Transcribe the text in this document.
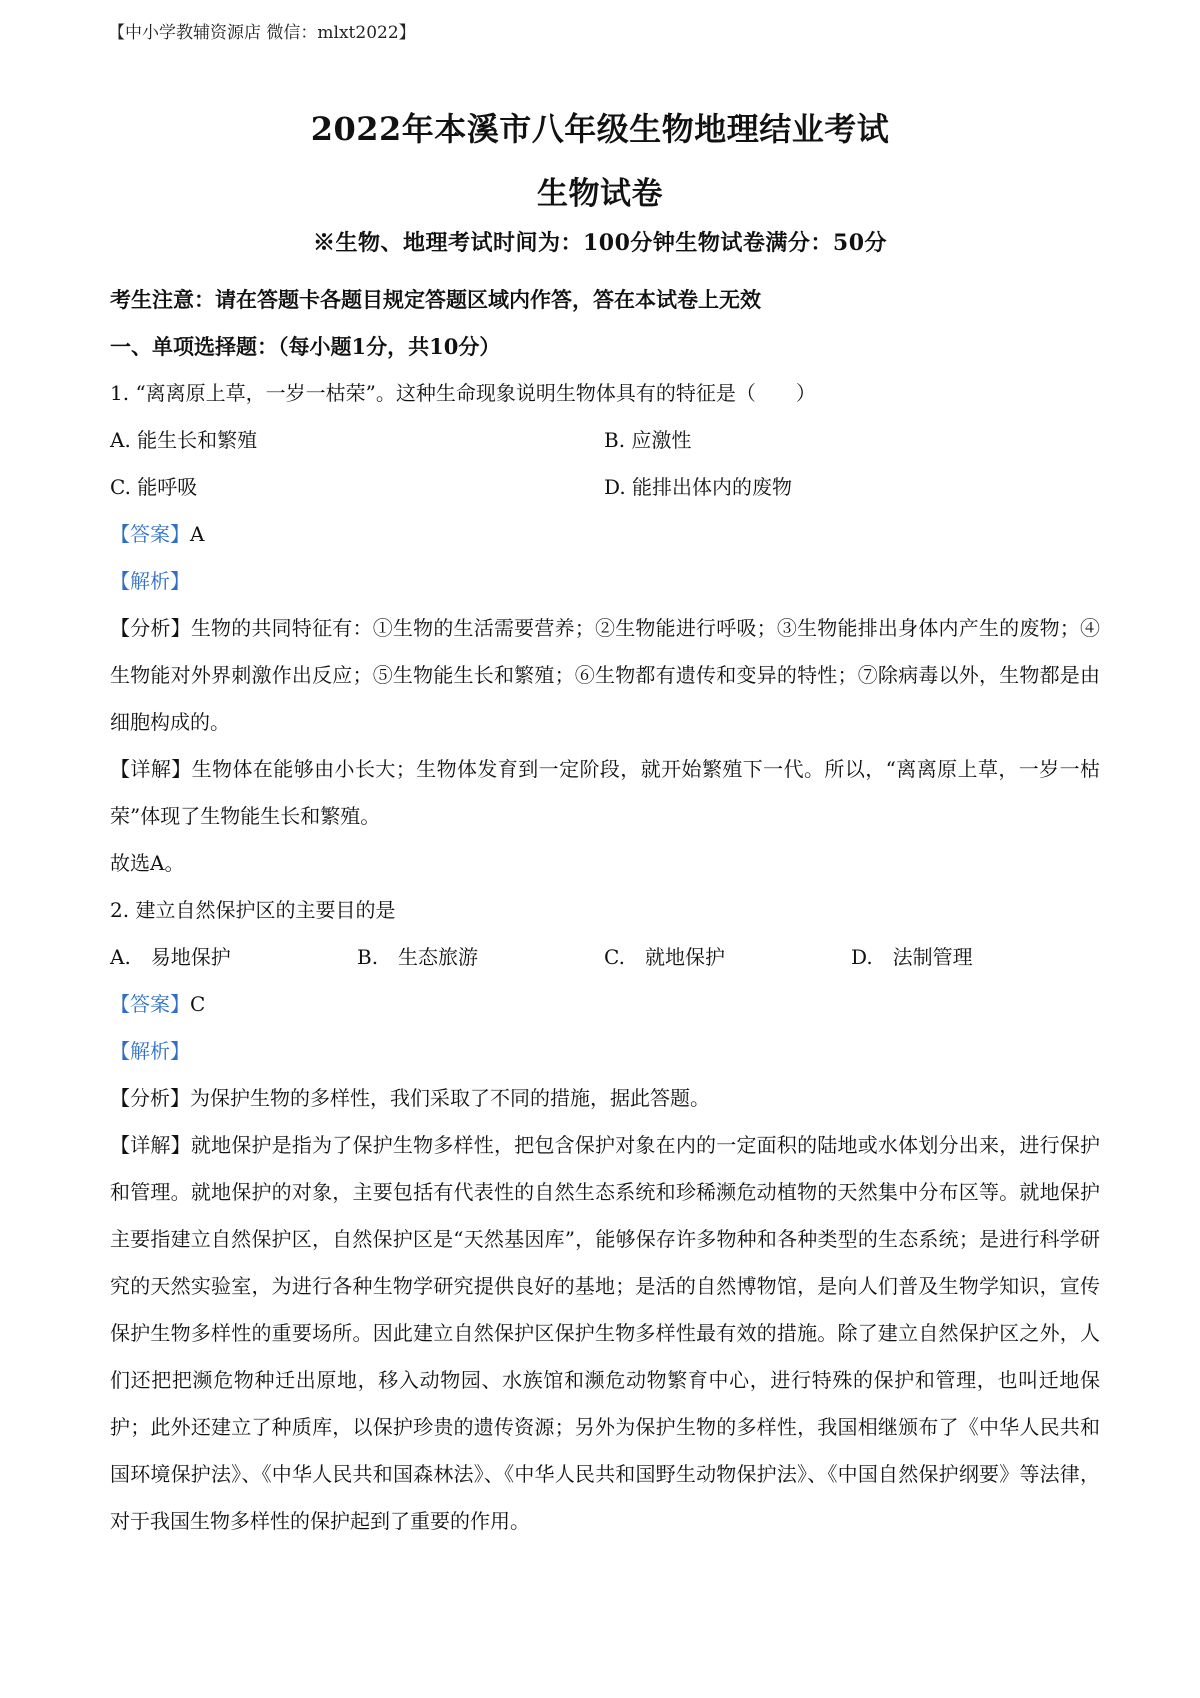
【中小学教辅资源店 微信：mlxt2022】
2022年本溪市八年级生物地理结业考试
生物试卷
※生物、地理考试时间为：100分钟生物试卷满分：50分
考生注意：请在答题卡各题目规定答题区域内作答，答在本试卷上无效
一、单项选择题：（每小题1分，共10分）
1. “离离原上草，一岁一枯荣”。这种生命现象说明生物体具有的特征是（　　）
A. 能生长和繁殖	B. 应激性
C. 能呼吸	D. 能排出体内的废物
【答案】A
【解析】

【分析】生物的共同特征有：①生物的生活需要营养；②生物能进行呼吸；③生物能排出身体内产生的废物；④生物能对外界刺激作出反应；⑤生物能生长和繁殖；⑥生物都有遗传和变异的特性；⑦除病毒以外，生物都是由细胞构成的。

【详解】生物体在能够由小长大；生物体发育到一定阶段，就开始繁殖下一代。所以，“离离原上草，一岁一枯荣”体现了生物能生长和繁殖。

故选A。
2. 建立自然保护区的主要目的是
A.　易地保护	B.　生态旅游	C.　就地保护	D.　法制管理
【答案】C
【解析】

【分析】为保护生物的多样性，我们采取了不同的措施，据此答题。

【详解】就地保护是指为了保护生物多样性，把包含保护对象在内的一定面积的陆地或水体划分出来，进行保护和管理。就地保护的对象，主要包括有代表性的自然生态系统和珍稀濒危动植物的天然集中分布区等。就地保护主要指建立自然保护区，自然保护区是“天然基因库”，能够保存许多物种和各种类型的生态系统；是进行科学研究的天然实验室，为进行各种生物学研究提供良好的基地；是活的自然博物馆，是向人们普及生物学知识，宣传保护生物多样性的重要场所。因此建立自然保护区保护生物多样性最有效的措施。除了建立自然保护区之外，人们还把把濒危物种迁出原地，移入动物园、水族馆和濒危动物繁育中心，进行特殊的保护和管理，也叫迁地保护；此外还建立了种质库，以保护珍贵的遗传资源；另外为保护生物的多样性，我国相继颁布了《中华人民共和国环境保护法》、《中华人民共和国森林法》、《中华人民共和国野生动物保护法》、《中国自然保护纲要》等法律，对于我国生物多样性的保护起到了重要的作用。
